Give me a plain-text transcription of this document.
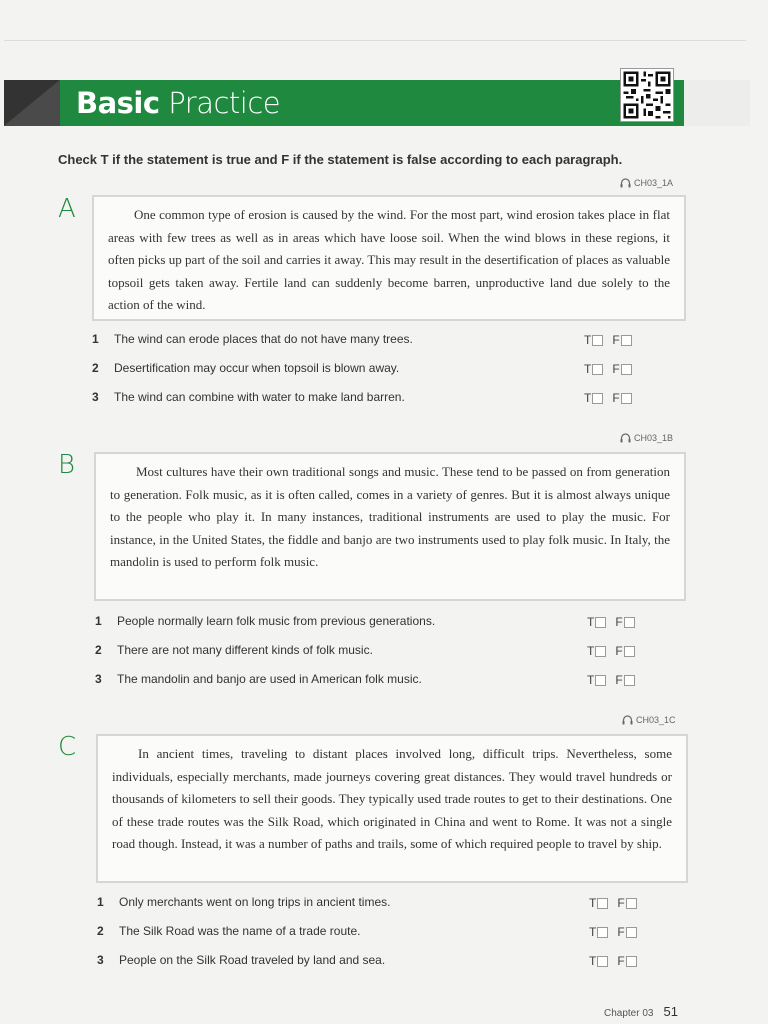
Basic Practice
Check T if the statement is true and F if the statement is false according to each paragraph.
CH03_1A
A	One common type of erosion is caused by the wind. For the most part, wind erosion takes place in flat areas with few trees as well as in areas which have loose soil. When the wind blows in these regions, it often picks up part of the soil and carries it away. This may result in the desertification of places as valuable topsoil gets taken away. Fertile land can suddenly become barren, unproductive land due solely to the action of the wind.
1	The wind can erode places that do not have many trees.	T F
2	Desertification may occur when topsoil is blown away.	T F
3	The wind can combine with water to make land barren.	T F
CH03_1B
B	Most cultures have their own traditional songs and music. These tend to be passed on from generation to generation. Folk music, as it is often called, comes in a variety of genres. But it is almost always unique to the people who play it. In many instances, traditional instruments are used to play the music. For instance, in the United States, the fiddle and banjo are two instruments used to play folk music. In Italy, the mandolin is used to perform folk music.
1	People normally learn folk music from previous generations.	T F
2	There are not many different kinds of folk music.	T F
3	The mandolin and banjo are used in American folk music.	T F
CH03_1C
C	In ancient times, traveling to distant places involved long, difficult trips. Nevertheless, some individuals, especially merchants, made journeys covering great distances. They would travel hundreds or thousands of kilometers to sell their goods. They typically used trade routes to get to their destinations. One of these trade routes was the Silk Road, which originated in China and went to Rome. It was not a single road though. Instead, it was a number of paths and trails, some of which required people to travel by ship.
1	Only merchants went on long trips in ancient times.	T F
2	The Silk Road was the name of a trade route.	T F
3	People on the Silk Road traveled by land and sea.	T F
Chapter 03 51
